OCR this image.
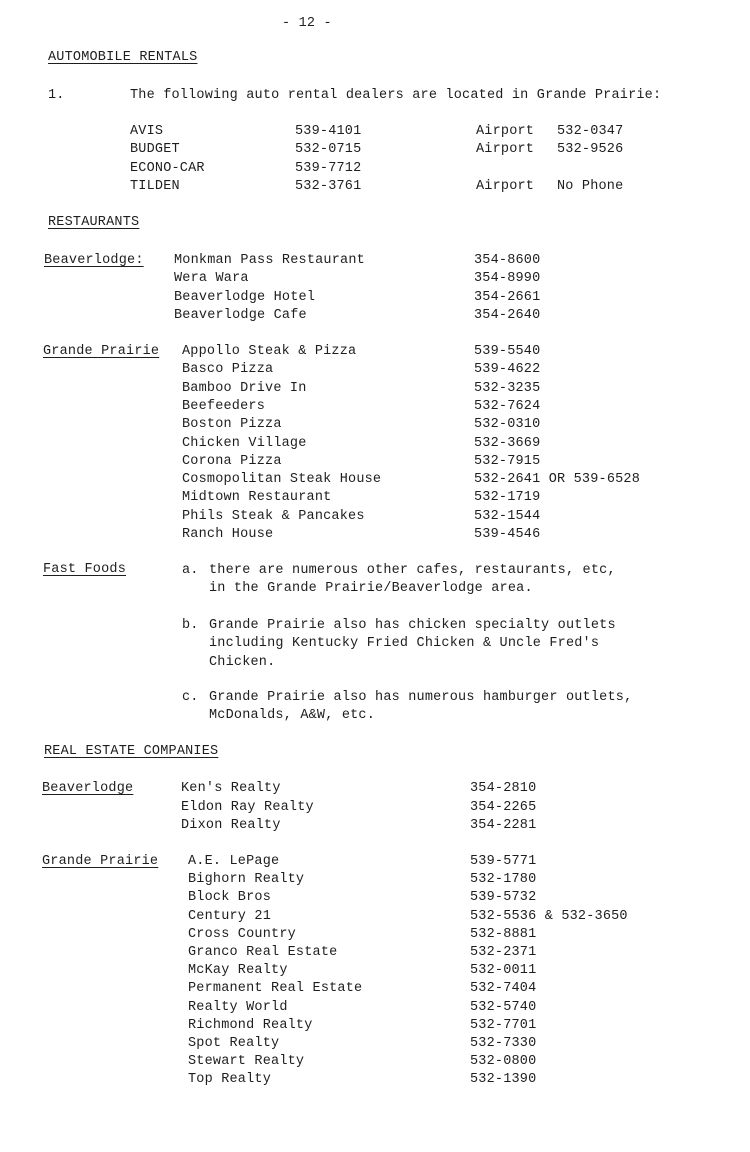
- 12 -
AUTOMOBILE RENTALS
1.	The following auto rental dealers are located in Grande Prairie:
AVIS	539-4101	Airport 532-0347
BUDGET	532-0715	Airport 532-9526
ECONO-CAR	539-7712
TILDEN	532-3761	Airport No Phone
RESTAURANTS
Beaverlodge: Monkman Pass Restaurant	354-8600
Wera Wara	354-8990
Beaverlodge Hotel	354-2661
Beaverlodge Cafe	354-2640
Grande Prairie Appollo Steak & Pizza	539-5540
Basco Pizza	539-4622
Bamboo Drive In	532-3235
Beefeeders	532-7624
Boston Pizza	532-0310
Chicken Village	532-3669
Corona Pizza	532-7915
Cosmopolitan Steak House	532-2641 OR 539-6528
Midtown Restaurant	532-1719
Phils Steak & Pancakes	532-1544
Ranch House	539-4546
Fast Foods	a. there are numerous other cafes, restaurants, etc,
in the Grande Prairie/Beaverlodge area.
b. Grande Prairie also has chicken specialty outlets
including Kentucky Fried Chicken & Uncle Fred's
Chicken.
c. Grande Prairie also has numerous hamburger outlets,
McDonalds, A&W, etc.
REAL ESTATE COMPANIES
Beaverlodge	Ken's Realty	354-2810
Eldon Ray Realty	354-2265
Dixon Realty	354-2281
Grande Prairie A.E. LePage	539-5771
Bighorn Realty	532-1780
Block Bros	539-5732
Century 21	532-5536 & 532-3650
Cross Country	532-8881
Granco Real Estate	532-2371
McKay Realty	532-0011
Permanent Real Estate	532-7404
Realty World	532-5740
Richmond Realty	532-7701
Spot Realty	532-7330
Stewart Realty	532-0800
Top Realty	532-1390
